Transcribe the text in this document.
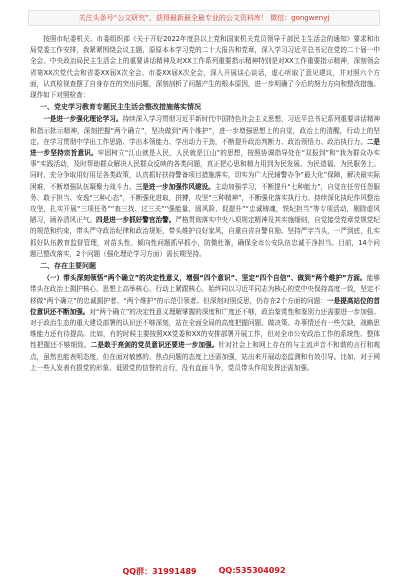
关注头条号“公文研究”，获得最新最全最专业的公文资料库！ 微信：gongwenyj

按照市纪委机关、市委组织部《关于开好2022年度县以上党和国家机关党员领导干部民主生活会的通知》要求和市局党委工作安排，我紧紧围绕会议主题，原原本本学习党的二十大报告和党章，深入学习习近平总书记在党的二十届一中全会、中央政治局民主生活会上的重要讲话精神及对XX工作系列重要指示精神特别是对XX工作重要指示精神，深刻领会省第XX次党代会和省委XX届X次全会、市委XX届X次全会，深入开展谈心谈话，虚心听取了意见建议，并对照六个方面，认真检视查摆了自身存在的突出问题，深刻剖析了问题产生的根本原因，进一步明确了今后的努力方向和整改措施。现作如下对照检查：

一、党史学习教育专题民主生活会整改措施落实情况

一是进一步强化理论学习。持续深入学习贯彻习近平新时代中国特色社会主义思想，习近平总书记系列重要讲话精神和指示批示精神，深刻把握“两个确立”，坚决做到“两个维护”，进一步增强思想上的自觉，政治上的清醒，行动上的坚定。在学习贯彻中学出工作思路、学出本领能力、学出动力干劲，不断提升政治判断力、政治领悟力、政治执行力。二是进一步坚持宗旨意识。牢固树立“江山就是人民，人民就是江山”的思想，按照协调指导处在“双报到”和“我为群众办实事”实践活动，及时帮助群众解决人民群众反映的各类问题，真正把心思和精力用到为民发展、为民造福、为民服务上。同时，充分争取用好用足各类政策，认真抓好扶持警备项目措施落实，切实为广大民辅警办争“最大化”保障，解决最实际困难，不断增强队伍凝聚力战斗力。三是进一步加强作风建设。主动加强学习，不断提升“七种能力”，自觉在任劳任怨服务、敢于担当、安逸“三种心态”，不断强化进取，拼搏，攻坚“三种精神”，不断强化落实执行力。持续深化执纪作风整治攻坚，扎实开展“三项任务”“查三找、过三关”“强能量、固风险、促提升”“忠诚铸魂，铁纪担当”等专项活动，剔除虚风陋习，涵养清风正气。四是进一步抓好警官治警。严格贯彻落实中央八项规定精神及其实施细则，自觉接受党章党规党纪的规范和约束，带头严守政治纪律和政治规矩，带头维护良好家风，自重自省自警自励。坚持严字当头，一严到底，扎实抓好队伍教育监督管理，对苗头性、倾向性问题抓早抓小，防微杜渐，确保全市公安队伍忠诚干净担当。目前，14个问题已整改落实，2个问题（强化理论学习方面）需长期坚持。

二、存在主要问题

（一）带头深刻领悟“两个确立”的决定性意义，增强“四个意识”、坚定“四个自信”、做到“两个维护”方面。能够带头在政治上拥护核心、思想上高举核心、行动上紧跟核心，始终同以习近平同志为核心的党中央保持高度一致，坚定不移做“两个确立”的忠诚拥护者、“两个维护”的示范引领者。但深刻对照反思，仍存在2个方面的问题：一是提高站位的首位意识还不断加强。对“两个确立”的决定性意义理解掌握的深度和广度还不够，政治鉴赏性和鉴别力还需要进一步加强。对于政治生态的重大建设部署的认识还不够深刻，站在全面全局的高度把握问题、做决策、办事情还有一些欠缺，战略思维能力还有待提高。比如，有的时候主要按照XX党委和XX的安排部署开展工作，但对全市公安政治工作的系统性、整体性把握还不够细致。二是敢于亮剑的党员意识还要进一步加强。针对社会上和网上存在的与主流声音不和谐的言行和观点，虽然也能表明态度，但在面对敏感的、热点问题的态度上还需加强，站出来开展动态监测和有效引导。比如，对于网上一些人发表有损党的形象、诋毁党的信誉的言行，没有直面斗争，党员带头作用发挥还需加强。

QQ群：31991489	QQ:535304092
